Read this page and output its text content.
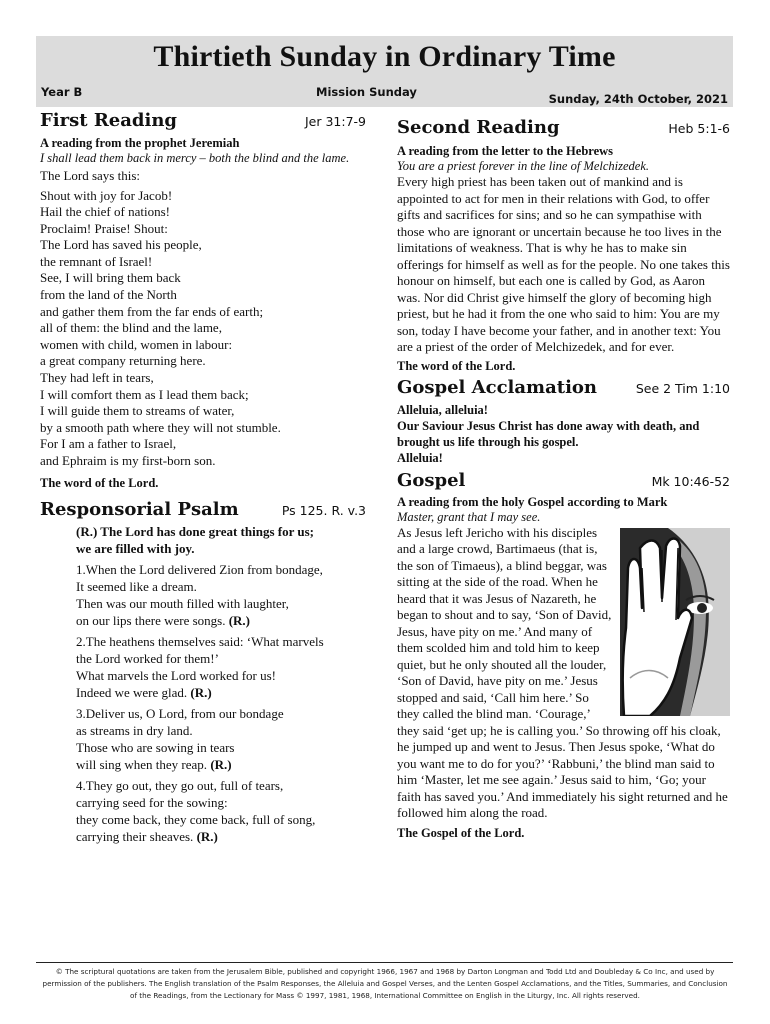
Thirtieth Sunday in Ordinary Time
Year B	Mission Sunday	Sunday, 24th October, 2021
First Reading	Jer 31:7-9
A reading from the prophet Jeremiah
I shall lead them back in mercy – both the blind and the lame.
The Lord says this:
Shout with joy for Jacob!
Hail the chief of nations!
Proclaim! Praise! Shout:
The Lord has saved his people,
the remnant of Israel!
See, I will bring them back
from the land of the North
and gather them from the far ends of earth;
all of them: the blind and the lame,
women with child, women in labour:
a great company returning here.
They had left in tears,
I will comfort them as I lead them back;
I will guide them to streams of water,
by a smooth path where they will not stumble.
For I am a father to Israel,
and Ephraim is my first-born son.
The word of the Lord.
Responsorial Psalm	Ps 125. R. v.3
(R.) The Lord has done great things for us;
we are filled with joy.
1.When the Lord delivered Zion from bondage,
It seemed like a dream.
Then was our mouth filled with laughter,
on our lips there were songs. (R.)
2.The heathens themselves said: ‘What marvels
the Lord worked for them!’
What marvels the Lord worked for us!
Indeed we were glad. (R.)
3.Deliver us, O Lord, from our bondage
as streams in dry land.
Those who are sowing in tears
will sing when they reap. (R.)
4.They go out, they go out, full of tears,
carrying seed for the sowing:
they come back, they come back, full of song,
carrying their sheaves. (R.)
Second Reading	Heb 5:1-6
A reading from the letter to the Hebrews
You are a priest forever in the line of Melchizedek.
Every high priest has been taken out of mankind and is appointed to act for men in their relations with God, to offer gifts and sacrifices for sins; and so he can sympathise with those who are ignorant or uncertain because he too lives in the limitations of weakness. That is why he has to make sin offerings for himself as well as for the people. No one takes this honour on himself, but each one is called by God, as Aaron was. Nor did Christ give himself the glory of becoming high priest, but he had it from the one who said to him: You are my son, today I have become your father, and in another text: You are a priest of the order of Melchizedek, and for ever.
The word of the Lord.
Gospel Acclamation	See 2 Tim 1:10
Alleluia, alleluia!
Our Saviour Jesus Christ has done away with death, and brought us life through his gospel.
Alleluia!
Gospel	Mk 10:46-52
A reading from the holy Gospel according to Mark
Master, grant that I may see.
As Jesus left Jericho with his disciples and a large crowd, Bartimaeus (that is, the son of Timaeus), a blind beggar, was sitting at the side of the road. When he heard that it was Jesus of Nazareth, he began to shout and to say, ‘Son of David, Jesus, have pity on me.’ And many of them scolded him and told him to keep quiet, but he only shouted all the louder, ‘Son of David, have pity on me.’ Jesus stopped and said, ‘Call him here.’ So they called the blind man. ‘Courage,’ they said ‘get up; he is calling you.’ So throwing off his cloak, he jumped up and went to Jesus. Then Jesus spoke, ‘What do you want me to do for you?’ ‘Rabbuni,’ the blind man said to him ‘Master, let me see again.’ Jesus said to him, ‘Go; your faith has saved you.’ And immediately his sight returned and he followed him along the road.
The Gospel of the Lord.
© The scriptural quotations are taken from the Jerusalem Bible, published and copyright 1966, 1967 and 1968 by Darton Longman and Todd Ltd and Doubleday & Co Inc, and used by permission of the publishers. The English translation of the Psalm Responses, the Alleluia and Gospel Verses, and the Lenten Gospel Acclamations, and the Titles, Summaries, and Conclusion of the Readings, from the Lectionary for Mass © 1997, 1981, 1968, International Committee on English in the Liturgy, Inc. All rights reserved.
